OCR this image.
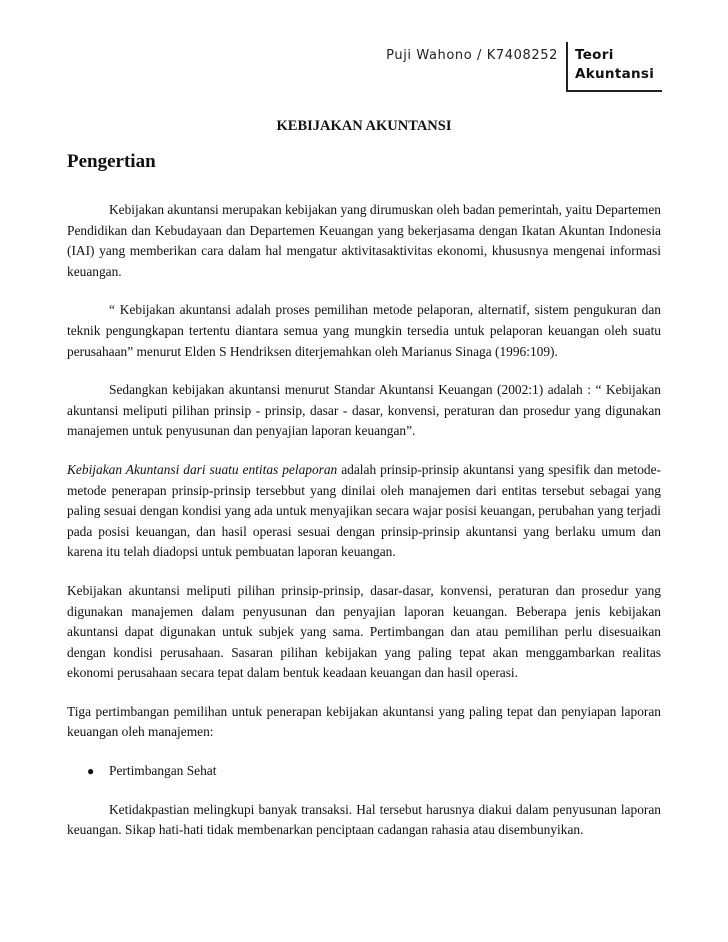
Puji Wahono / K7408252 Teori
Akuntansi
KEBIJAKAN AKUNTANSI
Pengertian

Kebijakan akuntansi merupakan kebijakan yang dirumuskan oleh badan pemerintah, yaitu Departemen Pendidikan dan Kebudayaan dan Departemen Keuangan yang bekerjasama dengan Ikatan Akuntan Indonesia (IAI) yang memberikan cara dalam hal mengatur aktivitasaktivitas ekonomi, khususnya mengenai informasi keuangan.

“ Kebijakan akuntansi adalah proses pemilihan metode pelaporan, alternatif, sistem pengukuran dan teknik pengungkapan tertentu diantara semua yang mungkin tersedia untuk pelaporan keuangan oleh suatu perusahaan” menurut Elden S Hendriksen diterjemahkan oleh Marianus Sinaga (1996:109).

Sedangkan kebijakan akuntansi menurut Standar Akuntansi Keuangan (2002:1) adalah : “ Kebijakan akuntansi meliputi pilihan prinsip - prinsip, dasar - dasar, konvensi, peraturan dan prosedur yang digunakan manajemen untuk penyusunan dan penyajian laporan keuangan”.

Kebijakan Akuntansi dari suatu entitas pelaporan adalah prinsip-prinsip akuntansi yang spesifik dan metode-metode penerapan prinsip-prinsip tersebbut yang dinilai oleh manajemen dari entitas tersebut sebagai yang paling sesuai dengan kondisi yang ada untuk menyajikan secara wajar posisi keuangan, perubahan yang terjadi pada posisi keuangan, dan hasil operasi sesuai dengan prinsip-prinsip akuntansi yang berlaku umum dan karena itu telah diadopsi untuk pembuatan laporan keuangan.

Kebijakan akuntansi meliputi pilihan prinsip-prinsip, dasar-dasar, konvensi, peraturan dan prosedur yang digunakan manajemen dalam penyusunan dan penyajian laporan keuangan. Beberapa jenis kebijakan akuntansi dapat digunakan untuk subjek yang sama. Pertimbangan dan atau pemilihan perlu disesuaikan dengan kondisi perusahaan. Sasaran pilihan kebijakan yang paling tepat akan menggambarkan realitas ekonomi perusahaan secara tepat dalam bentuk keadaan keuangan dan hasil operasi.

Tiga pertimbangan pemilihan untuk penerapan kebijakan akuntansi yang paling tepat dan penyiapan laporan keuangan oleh manajemen:

● Pertimbangan Sehat

Ketidakpastian melingkupi banyak transaksi. Hal tersebut harusnya diakui dalam penyusunan laporan keuangan. Sikap hati-hati tidak membenarkan penciptaan cadangan rahasia atau disembunyikan.
